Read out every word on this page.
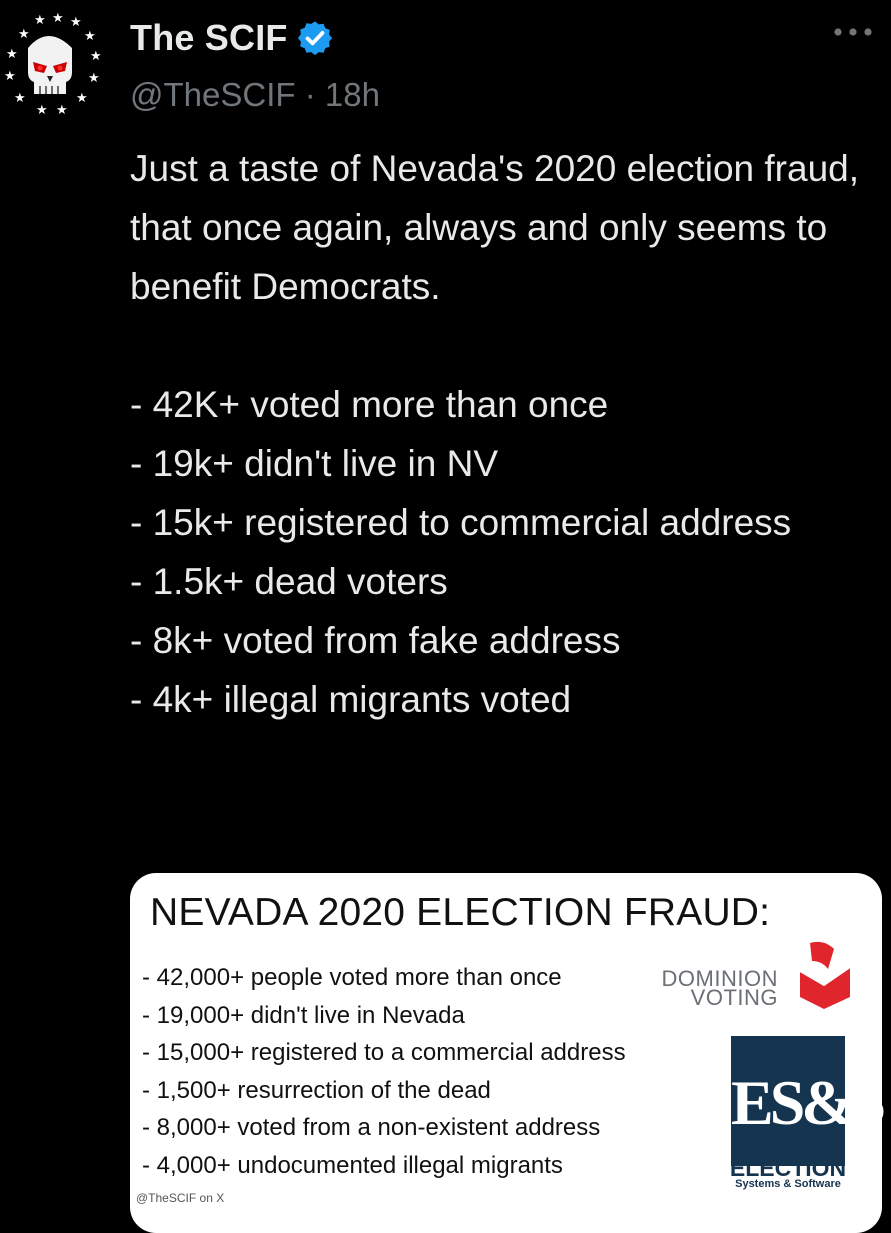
★ ★ ★
★
★
★
★
★
★
★
★
★
★
The SCIF
@TheSCIF · 18h

Just a taste of Nevada's 2020 election fraud, that once again, always and only seems to benefit Democrats.

- 42K+ voted more than once

- 19k+ didn't live in NV

- 15k+ registered to commercial address

- 1.5k+ dead voters

- 8k+ voted from fake address

- 4k+ illegal migrants voted

NEVADA 2020 ELECTION FRAUD:
- 42,000+ people voted more than once
- 19,000+ didn't live in Nevada
- 15,000+ registered to a commercial address
- 1,500+ resurrection of the dead
- 8,000+ voted from a non-existent address
- 4,000+ undocumented illegal migrants
DOMINION
VOTING
ES&S
ELECTION
Systems & Software
@TheSCIF on X
